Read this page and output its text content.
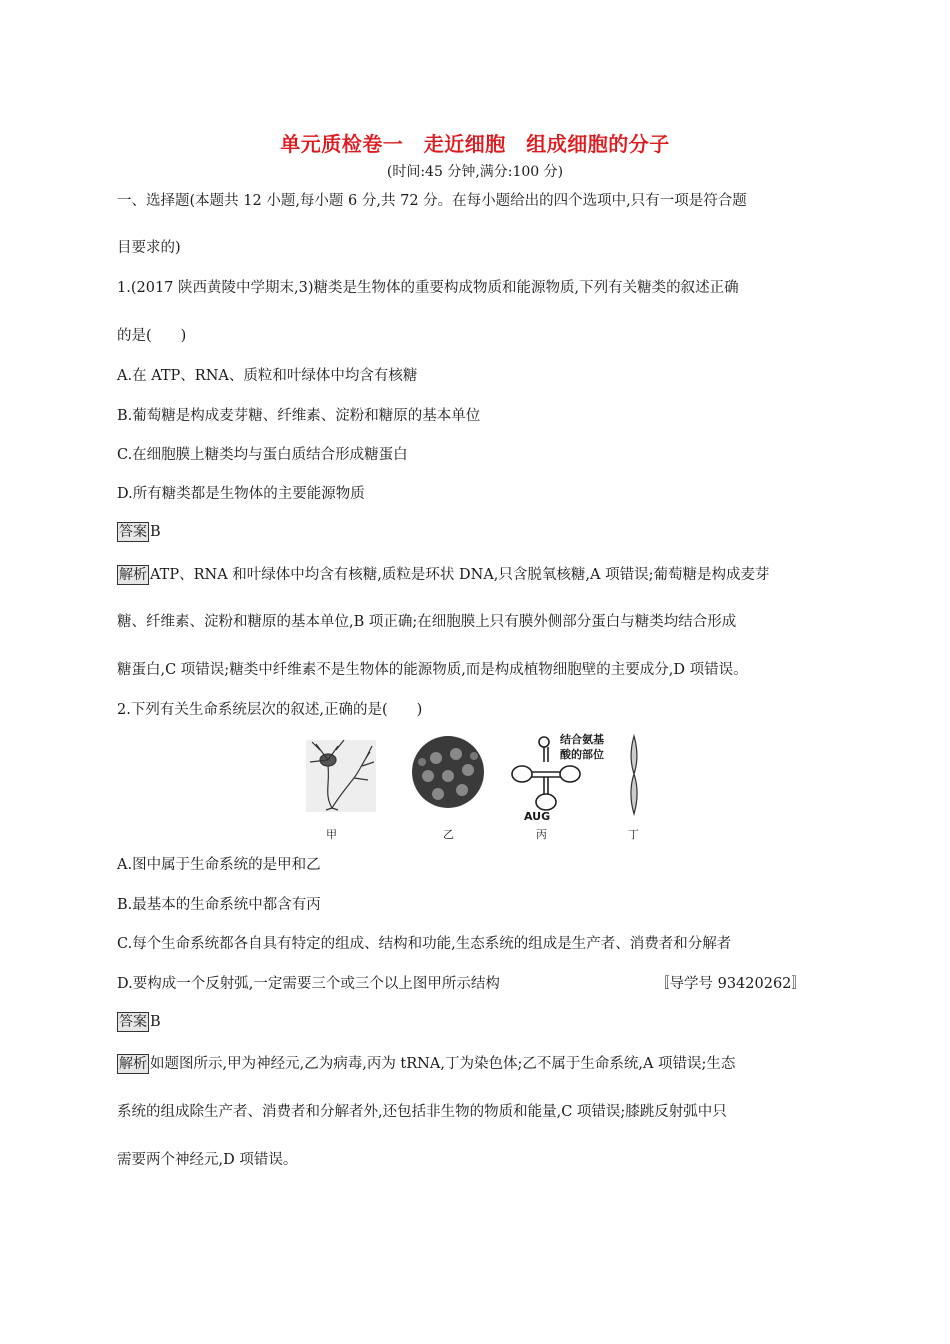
单元质检卷一　走近细胞　组成细胞的分子
(时间:45 分钟,满分:100 分)
一、选择题(本题共 12 小题,每小题 6 分,共 72 分。在每小题给出的四个选项中,只有一项是符合题
目要求的)
1.(2017 陕西黄陵中学期末,3)糖类是生物体的重要构成物质和能源物质,下列有关糖类的叙述正确
的是(　　)
A.在 ATP、RNA、质粒和叶绿体中均含有核糖
B.葡萄糖是构成麦芽糖、纤维素、淀粉和糖原的基本单位
C.在细胞膜上糖类均与蛋白质结合形成糖蛋白
D.所有糖类都是生物体的主要能源物质
答案 B
解析 ATP、RNA 和叶绿体中均含有核糖,质粒是环状 DNA,只含脱氧核糖,A 项错误;葡萄糖是构成麦芽
糖、纤维素、淀粉和糖原的基本单位,B 项正确;在细胞膜上只有膜外侧部分蛋白与糖类均结合形成
糖蛋白,C 项错误;糖类中纤维素不是生物体的能源物质,而是构成植物细胞壁的主要成分,D 项错误。
2.下列有关生命系统层次的叙述,正确的是(　　)
结合氨基
酸的部位
AUG
甲	乙	丙	丁
A.图中属于生命系统的是甲和乙
B.最基本的生命系统中都含有丙
C.每个生命系统都各自具有特定的组成、结构和功能,生态系统的组成是生产者、消费者和分解者
D.要构成一个反射弧,一定需要三个或三个以上图甲所示结构	〚导学号 93420262〛
答案 B
解析 如题图所示,甲为神经元,乙为病毒,丙为 tRNA,丁为染色体;乙不属于生命系统,A 项错误;生态
系统的组成除生产者、消费者和分解者外,还包括非生物的物质和能量,C 项错误;膝跳反射弧中只
需要两个神经元,D 项错误。
